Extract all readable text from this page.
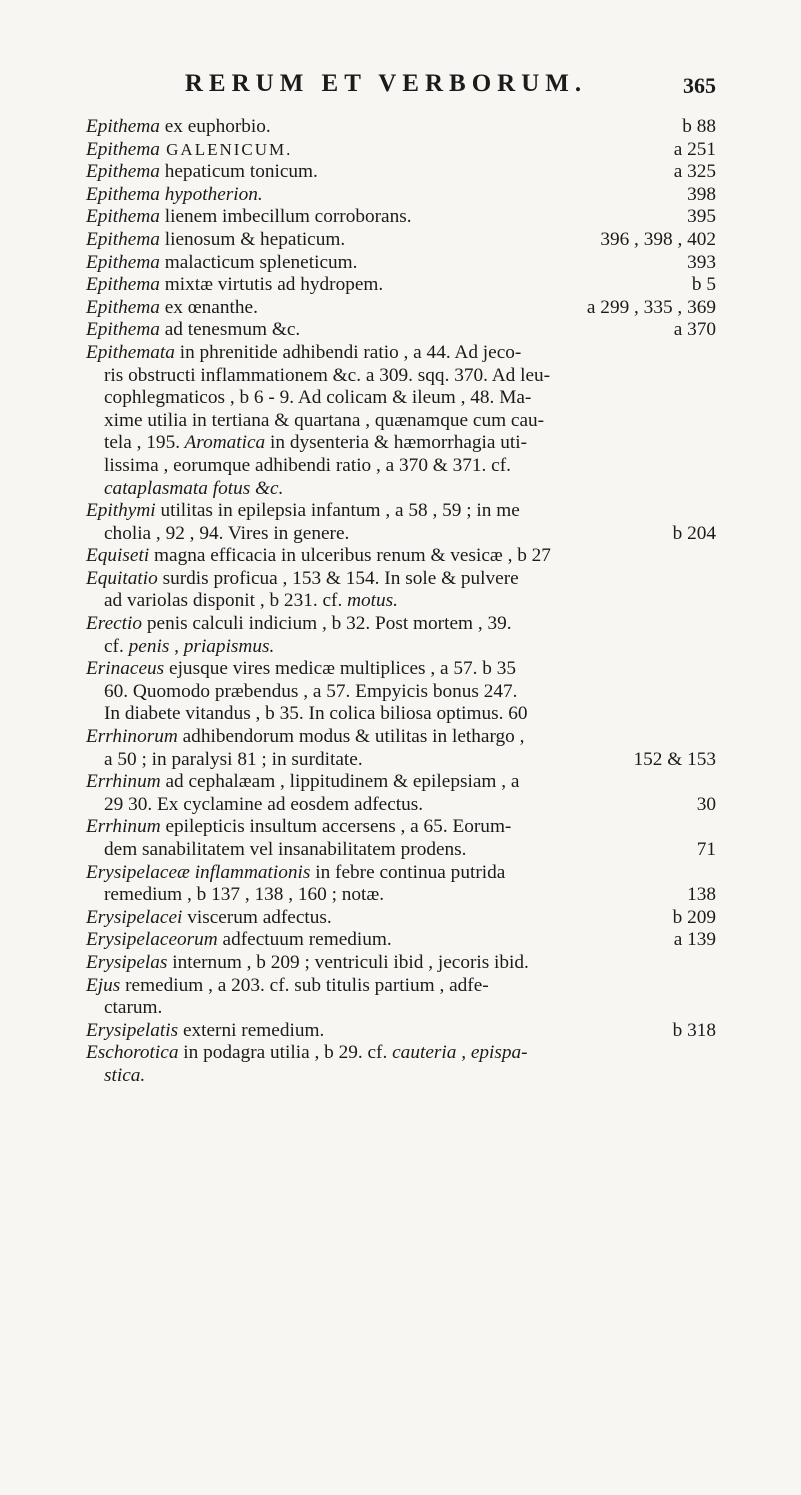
RERUM ET VERBORUM.	365
Epithema ex euphorbio.	b 88
Epithema GALENICUM.	a 251
Epithema hepaticum tonicum.	a 325
Epithema hypotherion.	398
Epithema lienem imbecillum corroborans.	395
Epithema lienosum & hepaticum.	396 , 398 , 402
Epithema malacticum spleneticum.	393
Epithema mixtæ virtutis ad hydropem.	b 5
Epithema ex œnanthe.	a 299 , 335 , 369
Epithema ad tenesmum &c.	a 370
Epithemata in phrenitide adhibendi ratio , a 44. Ad jeco-
ris obstructi inflammationem &c. a 309. sqq. 370. Ad leu-
cophlegmaticos , b 6 - 9. Ad colicam & ileum , 48. Ma-
xime utilia in tertiana & quartana , quænamque cum cau-
tela , 195. Aromatica in dysenteria & hæmorrhagia uti-
lissima , eorumque adhibendi ratio , a 370 & 371. cf.
cataplasmata fotus &c.
Epithymi utilitas in epilepsia infantum , a 58 , 59 ; in me
cholia , 92 , 94. Vires in genere.	b 204
Equiseti magna efficacia in ulceribus renum & vesicæ , b 27
Equitatio surdis proficua , 153 & 154. In sole & pulvere
ad variolas disponit , b 231. cf. motus.
Erectio penis calculi indicium , b 32. Post mortem , 39.
cf. penis , priapismus.
Erinaceus ejusque vires medicæ multiplices , a 57. b 35
60. Quomodo præbendus , a 57. Empyicis bonus 247.
In diabete vitandus , b 35. In colica biliosa optimus. 60
Errhinorum adhibendorum modus & utilitas in lethargo ,
a 50 ; in paralysi 81 ; in surditate.	152 & 153
Errhinum ad cephalæam , lippitudinem & epilepsiam , a
29 30. Ex cyclamine ad eosdem adfectus.	30
Errhinum epilepticis insultum accersens , a 65. Eorum-
dem sanabilitatem vel insanabilitatem prodens.	71
Erysipelaceæ inflammationis in febre continua putrida
remedium , b 137 , 138 , 160 ; notæ.	138
Erysipelacei viscerum adfectus.	b 209
Erysipelaceorum adfectuum remedium.	a 139
Erysipelas internum , b 209 ; ventriculi ibid , jecoris ibid.
Ejus remedium , a 203. cf. sub titulis partium , adfe-
ctarum.
Erysipelatis externi remedium.	b 318
Eschorotica in podagra utilia , b 29. cf. cauteria , epispa-
stica.
